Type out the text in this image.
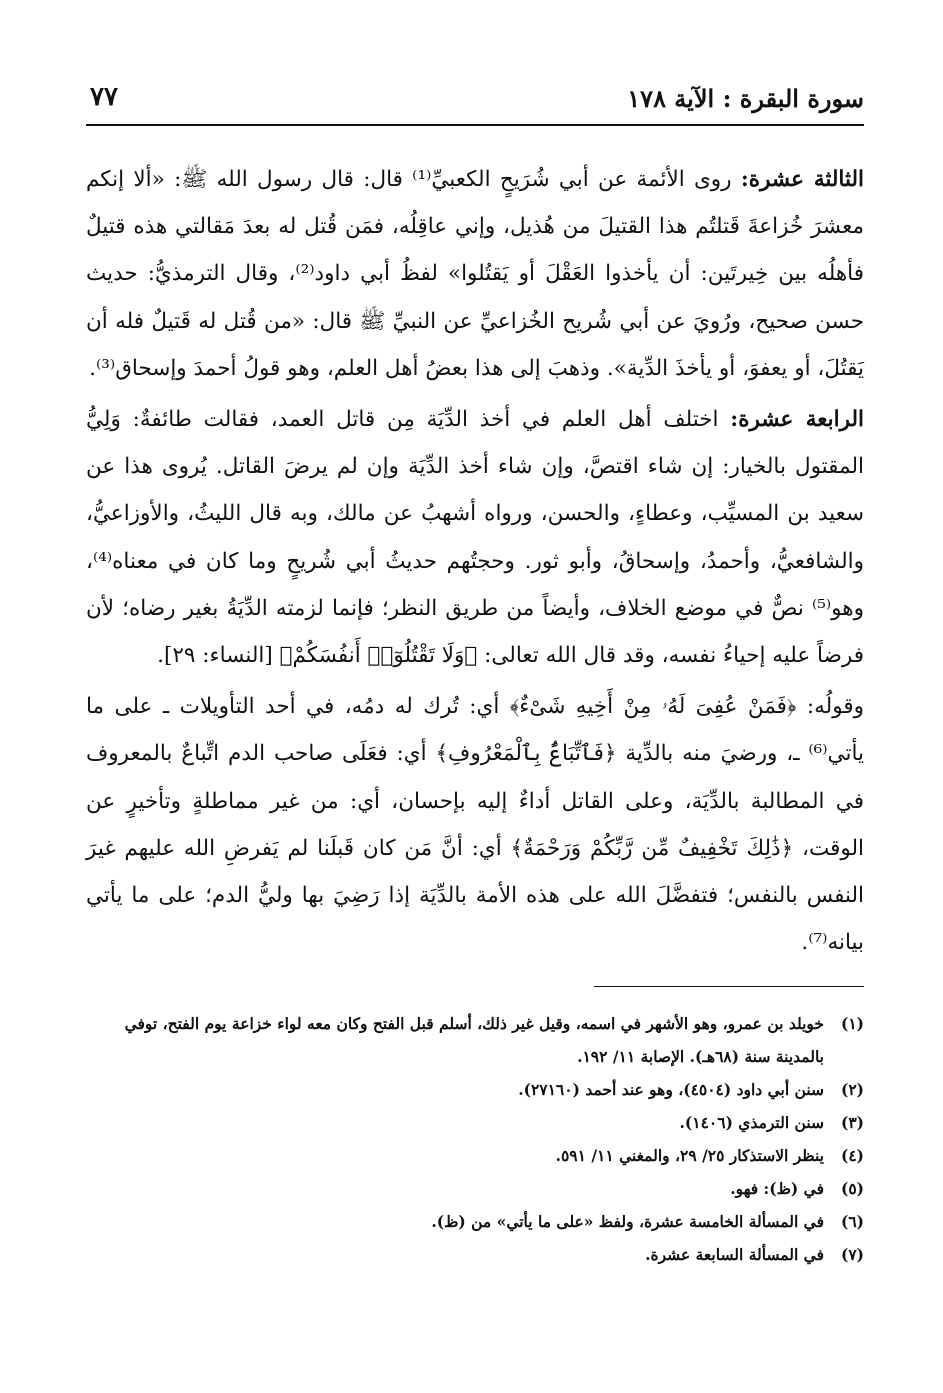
سورة البقرة : الآية ١٧٨
٧٧

الثالثة عشرة: روى الأئمة عن أبي شُرَيحٍ الكعبيِّ⁽¹⁾ قال: قال رسول الله ﷺ: «ألا إنكم معشرَ خُزاعةَ قَتلتُم هذا القتيلَ من هُذيل، وإني عاقِلُه، فمَن قُتل له بعدَ مَقالتي هذه قتيلٌ فأهلُه بين خِيرتَين: أن يأخذوا العَقْلَ أو يَقتُلوا» لفظُ أبي داود⁽²⁾، وقال الترمذيُّ: حديث حسن صحيح، ورُويَ عن أبي شُريح الخُزاعيِّ عن النبيِّ ﷺ قال: «من قُتل له قَتيلٌ فله أن يَقتُلَ، أو يعفوَ، أو يأخذَ الدِّية». وذهبَ إلى هذا بعضُ أهل العلم، وهو قولُ أحمدَ وإسحاق⁽³⁾.

الرابعة عشرة: اختلف أهل العلم في أخذ الدِّيَة مِن قاتل العمد، فقالت طائفةٌ: وَلِيُّ المقتول بالخيار: إن شاء اقتصَّ، وإن شاء أخذ الدِّيَة وإن لم يرضَ القاتل. يُروى هذا عن سعيد بن المسيِّب، وعطاءٍ، والحسن، ورواه أشهبُ عن مالك، وبه قال الليثُ، والأوزاعيُّ، والشافعيُّ، وأحمدُ، وإسحاقُ، وأبو ثور. وحجتُهم حديثُ أبي شُريحٍ وما كان في معناه⁽⁴⁾، وهو⁽⁵⁾ نصٌّ في موضع الخلاف، وأيضاً من طريق النظر؛ فإنما لزمته الدِّيَةُ بغير رضاه؛ لأن فرضاً عليه إحياءُ نفسه، وقد قال الله تعالى: ﴿وَلَا تَقْتُلُوٓا۟ أَنفُسَكُمْ﴾ [النساء: ٢٩].

وقولُه: ﴿فَمَنْ عُفِىَ لَهُۥ مِنْ أَخِيهِ شَىْءٌ﴾ أي: تُرك له دمُه، في أحد التأويلات ـ على ما يأتي⁽⁶⁾ ـ، ورضيَ منه بالدِّية ﴿فَٱتِّبَاعٌۢ بِٱلْمَعْرُوفِ﴾ أي: فعَلَى صاحب الدم اتِّباعٌ بالمعروف في المطالبة بالدِّيَة، وعلى القاتل أداءٌ إليه بإحسان، أي: من غير مماطلةٍ وتأخيرٍ عن الوقت، ﴿ذَٰلِكَ تَخْفِيفٌ مِّن رَّبِّكُمْ وَرَحْمَةٌ﴾ أي: أنَّ مَن كان قَبلَنا لم يَفرضِ الله عليهم غيرَ النفس بالنفس؛ فتفضَّلَ الله على هذه الأمة بالدِّيَة إذا رَضِيَ بها وليُّ الدم؛ على ما يأتي بيانه⁽⁷⁾.

(١)
خويلد بن عمرو، وهو الأشهر في اسمه، وقيل غير ذلك، أسلم قبل الفتح وكان معه لواء خزاعة يوم الفتح، توفي بالمدينة سنة (٦٨هـ). الإصابة ١١/ ١٩٢.

(٢)
سنن أبي داود (٤٥٠٤)، وهو عند أحمد (٢٧١٦٠).

(٣)
سنن الترمذي (١٤٠٦).

(٤)
ينظر الاستذكار ٢٥/ ٢٩، والمغني ١١/ ٥٩١.

(٥)
في (ظ): فهو.

(٦)
في المسألة الخامسة عشرة، ولفظ «على ما يأتي» من (ظ).

(٧)
في المسألة السابعة عشرة.
